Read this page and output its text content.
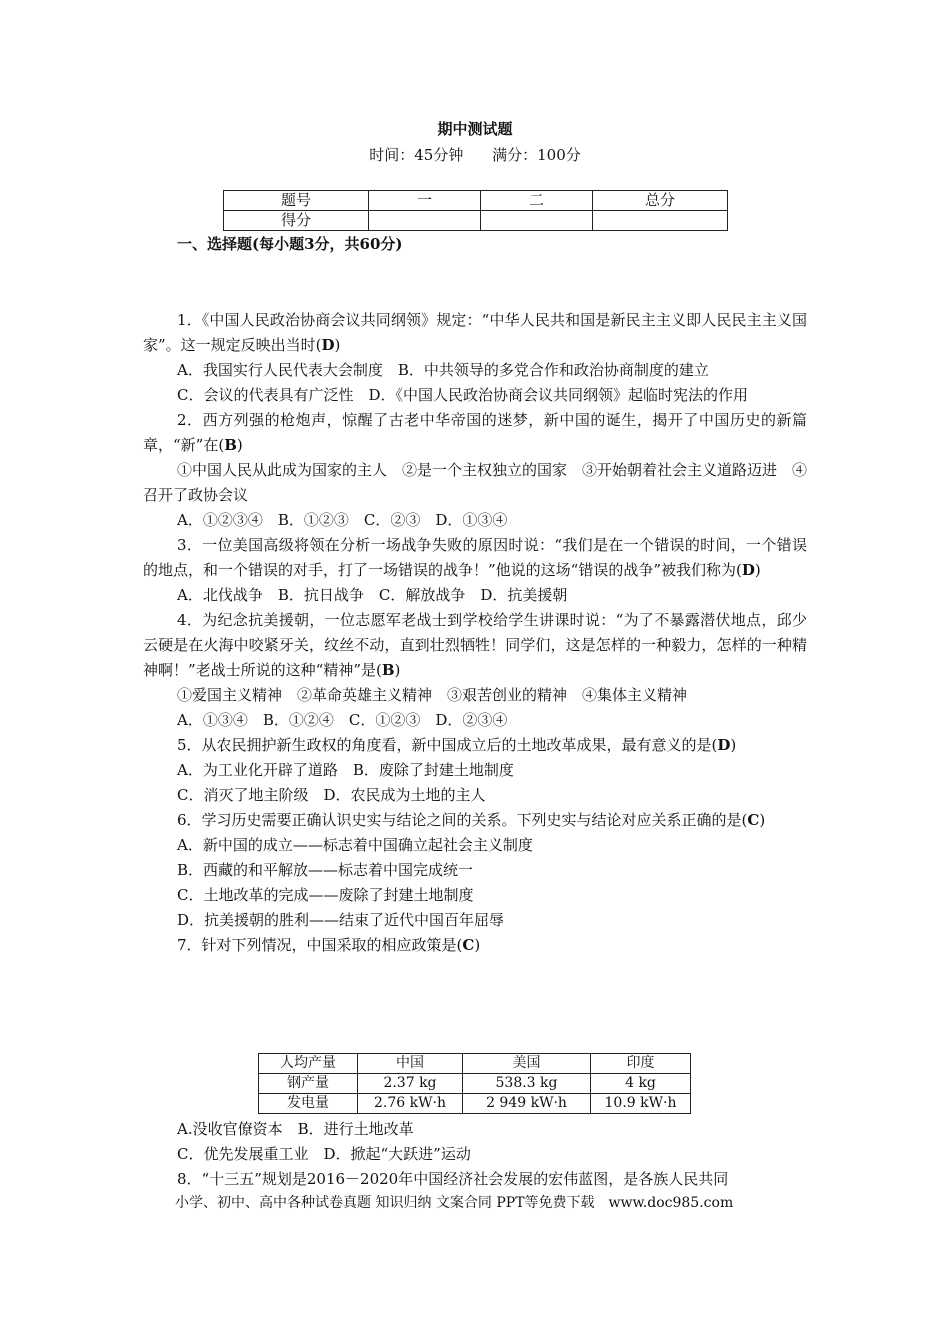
期中测试题
时间：45分钟 满分：100分
题号	一	二	总分
得分			
一、选择题(每小题3分，共60分)

1．《中国人民政治协商会议共同纲领》规定：“中华人民共和国是新民主主义即人民民主主义国家”。这一规定反映出当时(D)

A．我国实行人民代表大会制度　B．中共领导的多党合作和政治协商制度的建立

C．会议的代表具有广泛性　D．《中国人民政治协商会议共同纲领》起临时宪法的作用

2．西方列强的枪炮声，惊醒了古老中华帝国的迷梦，新中国的诞生，揭开了中国历史的新篇章，“新”在(B)

①中国人民从此成为国家的主人　②是一个主权独立的国家　③开始朝着社会主义道路迈进　④召开了政协会议

A．①②③④　B．①②③　C．②③　D．①③④

3．一位美国高级将领在分析一场战争失败的原因时说：“我们是在一个错误的时间，一个错误的地点，和一个错误的对手，打了一场错误的战争！”他说的这场“错误的战争”被我们称为(D)

A．北伐战争　B．抗日战争　C．解放战争　D．抗美援朝

4．为纪念抗美援朝，一位志愿军老战士到学校给学生讲课时说：“为了不暴露潜伏地点，邱少云硬是在火海中咬紧牙关，纹丝不动，直到壮烈牺牲！同学们，这是怎样的一种毅力，怎样的一种精神啊！”老战士所说的这种“精神”是(B)

①爱国主义精神　②革命英雄主义精神　③艰苦创业的精神　④集体主义精神

A．①③④　B．①②④　C．①②③　D．②③④

5．从农民拥护新生政权的角度看，新中国成立后的土地改革成果，最有意义的是(D)

A．为工业化开辟了道路　B．废除了封建土地制度

C．消灭了地主阶级　D．农民成为土地的主人

6．学习历史需要正确认识史实与结论之间的关系。下列史实与结论对应关系正确的是(C)

A．新中国的成立——标志着中国确立起社会主义制度

B．西藏的和平解放——标志着中国完成统一

C．土地改革的完成——废除了封建土地制度

D．抗美援朝的胜利——结束了近代中国百年屈辱

7．针对下列情况，中国采取的相应政策是(C)

人均产量	中国	美国	印度
钢产量	2.37 kg	538.3 kg	4 kg
发电量	2.76 kW·h	2 949 kW·h	10.9 kW·h

A.没收官僚资本　B．进行土地改革

C．优先发展重工业　D．掀起“大跃进”运动

8．“十三五”规划是2016－2020年中国经济社会发展的宏伟蓝图，是各族人民共同

小学、初中、高中各种试卷真题 知识归纳 文案合同 PPT等免费下载　www.doc985.com
